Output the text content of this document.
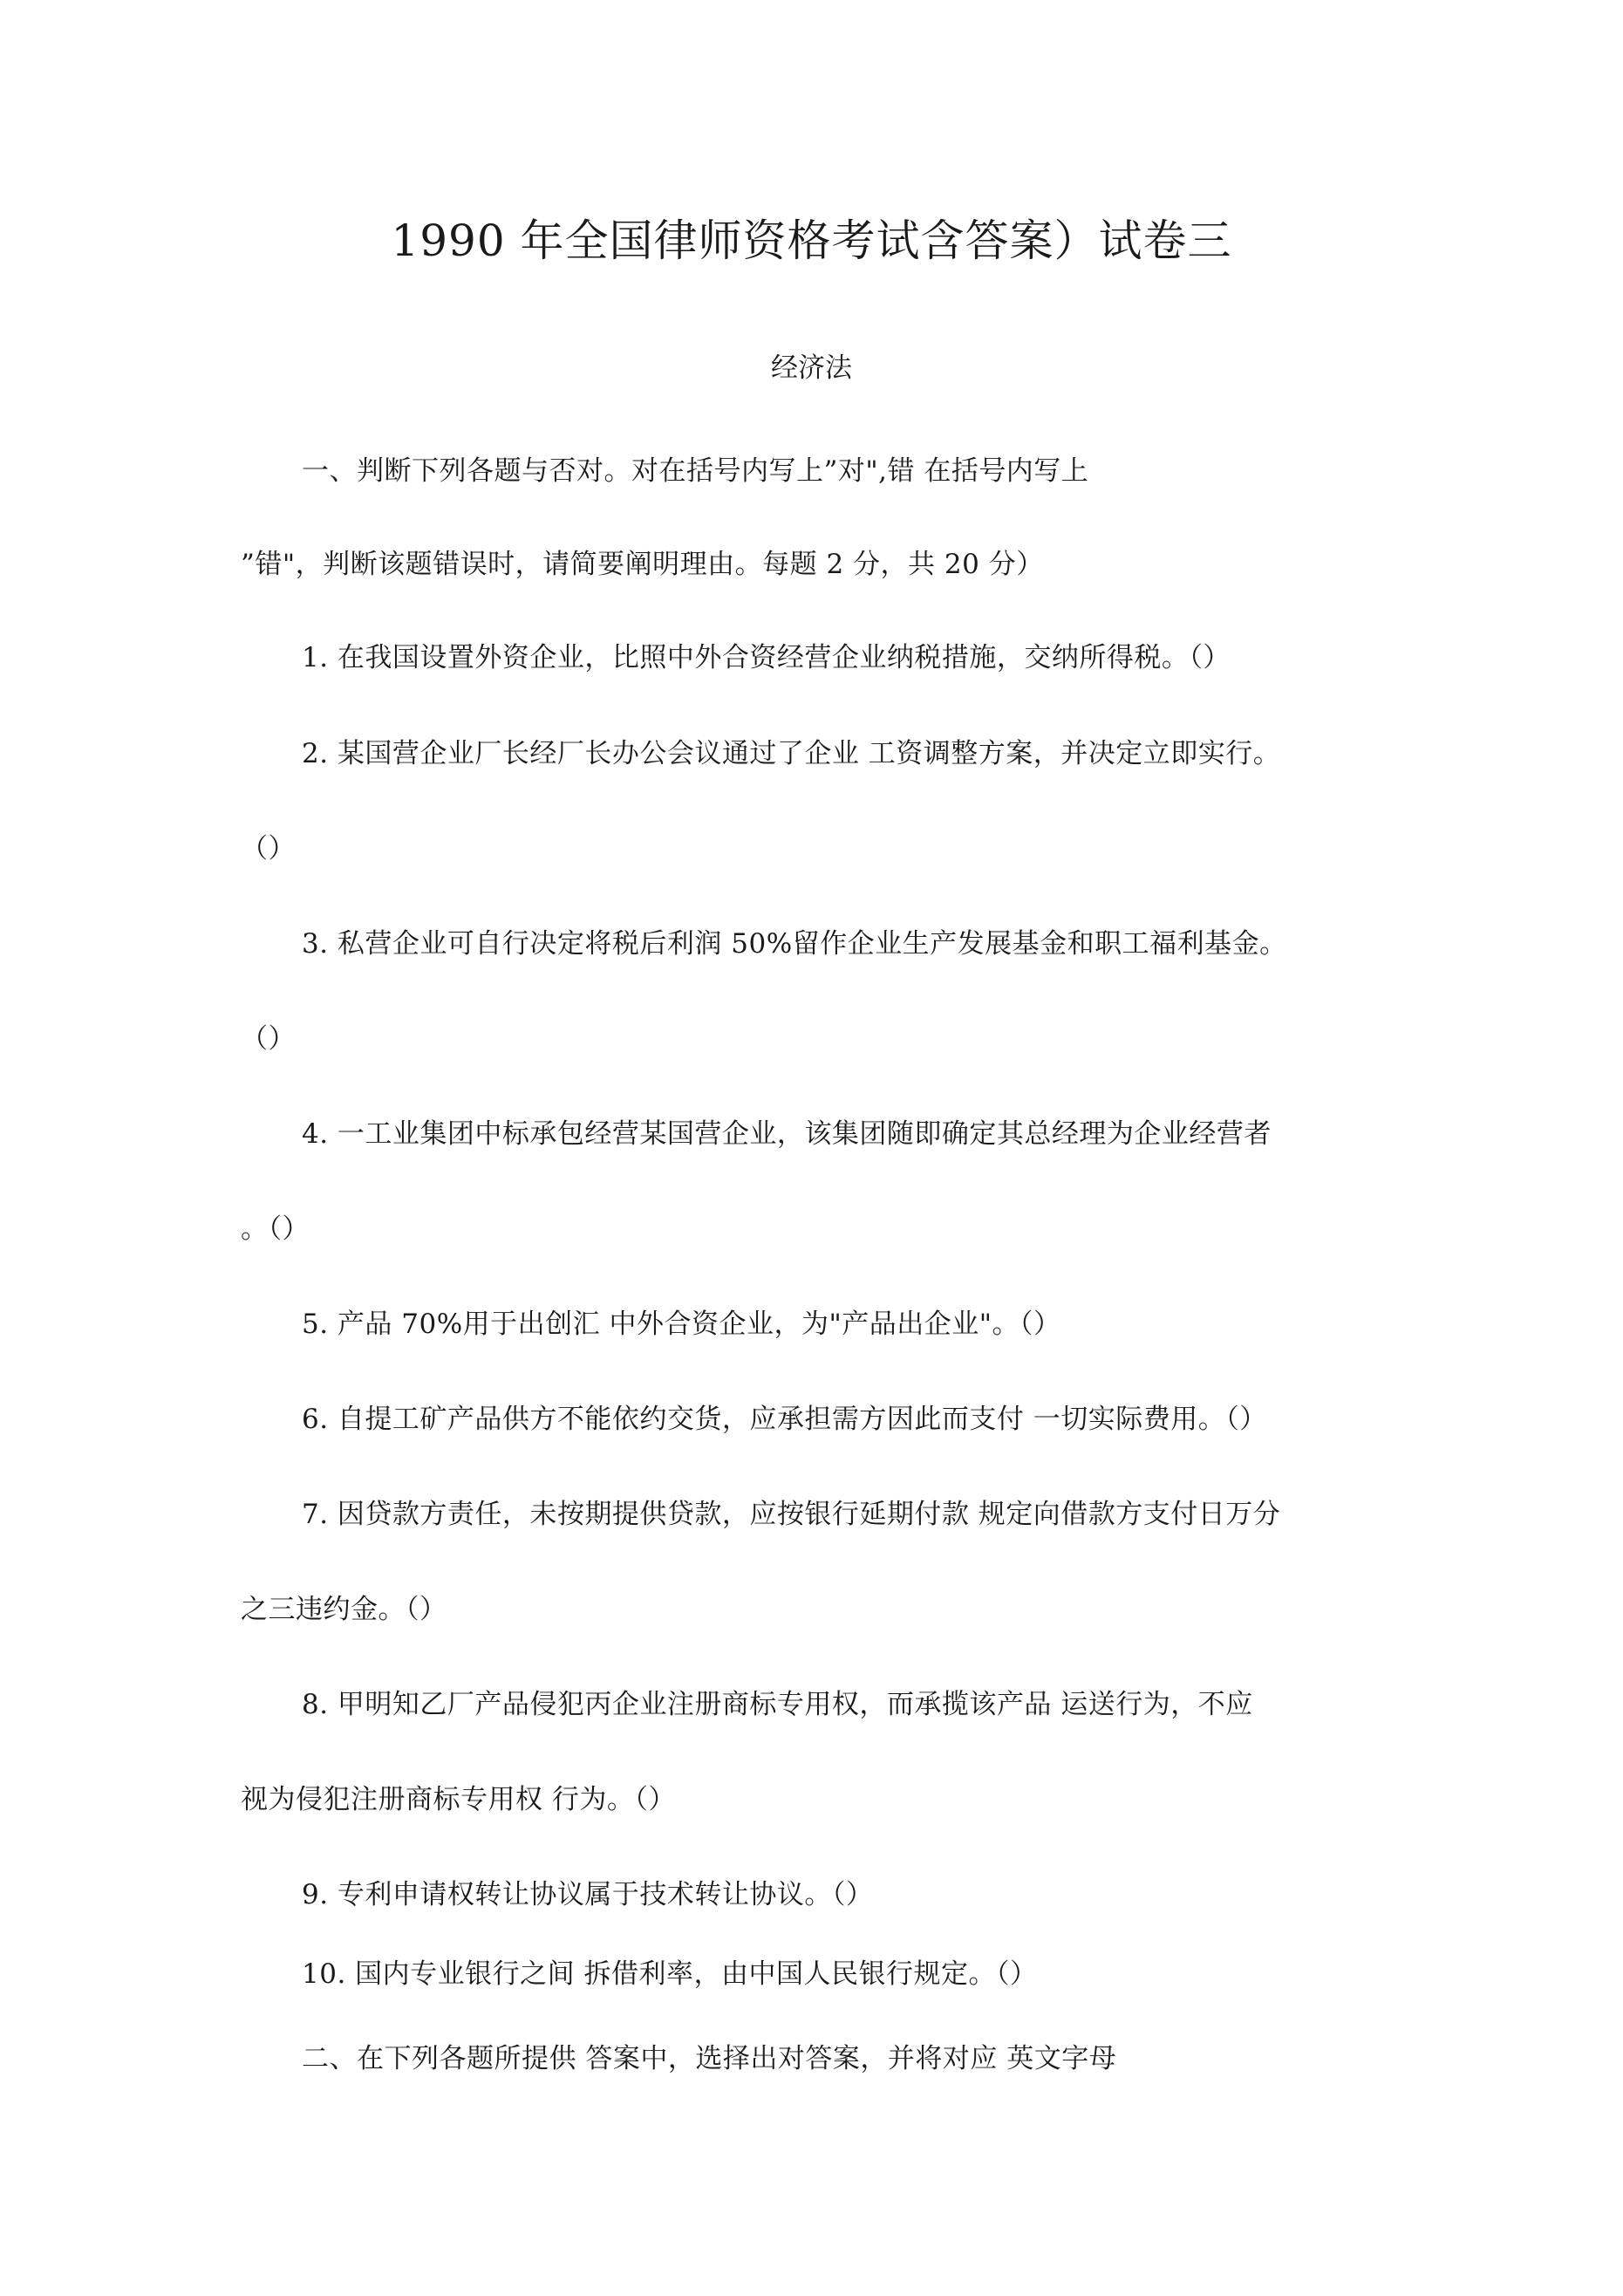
1990 年全国律师资格考试含答案）试卷三
经济法
一、判断下列各题与否对。对在括号内写上”对",错 在括号内写上
”错"，判断该题错误时，请简要阐明理由。每题 2 分，共 20 分）
1. 在我国设置外资企业，比照中外合资经营企业纳税措施，交纳所得税。（）
2. 某国营企业厂长经厂长办公会议通过了企业 工资调整方案，并决定立即实行。
（）
3. 私营企业可自行决定将税后利润 50%留作企业生产发展基金和职工福利基金。
（）
4. 一工业集团中标承包经营某国营企业，该集团随即确定其总经理为企业经营者
。（）
5. 产品 70%用于出创汇 中外合资企业，为"产品出企业"。（）
6. 自提工矿产品供方不能依约交货，应承担需方因此而支付 一切实际费用。（）
7. 因贷款方责任，未按期提供贷款，应按银行延期付款 规定向借款方支付日万分
之三违约金。（）
8. 甲明知乙厂产品侵犯丙企业注册商标专用权，而承揽该产品 运送行为，不应
视为侵犯注册商标专用权 行为。（）
9. 专利申请权转让协议属于技术转让协议。（）
10. 国内专业银行之间 拆借利率，由中国人民银行规定。（）
二、在下列各题所提供 答案中，选择出对答案，并将对应 英文字母
